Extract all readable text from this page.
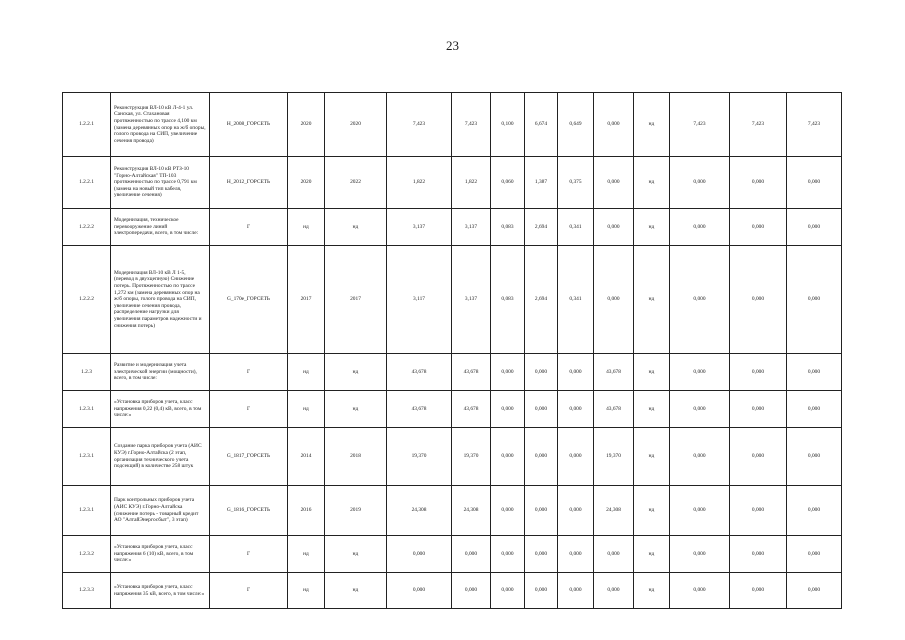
23
1.2.2.1	Реконструкция ВЛ-10 кВ Л-4-1 ул. Санская, ул. Стахановая протяженностью по трассе 4,100 км (замена деревянных опор на ж/б опоры, голого провода на СИП, увеличение сечения провода)	Н_2008_ГОРСЕТЬ	2020	2020	7,423	7,423	0,100	6,674	0,649	0,000	нд	7,423	7,423	7,423
1.2.2.1	Реконструкция ВЛ-10 кВ РТЗ-10 "Горно-Алтайская" ТП-103 протяженностью по трассе 0,791 км (замена на новый тип кабеля, увеличение сечения)	Н_2012_ГОРСЕТЬ	2020	2022	1,822	1,822	0,060	1,387	0,375	0,000	нд	0,000	0,000	0,000
1.2.2.2	Модернизация, техническое перевооружение линий электропередачи, всего, в том числе:	Г	нд	нд	3,137	3,137	0,083	2,694	0,341	0,000	нд	0,000	0,000	0,000
1.2.2.2	Модернизация ВЛ-10 кВ Л 1-5, (перевод в двухцепную) Снижение потерь. Протяженностью по трассе 1,272 км (замена деревянных опор на ж/б опоры, голого провода на СИП, увеличение сечения провода, распределение нагрузки для увеличения параметров надежности и снижения потерь)	G_170е_ГОРСЕТЬ	2017	2017	3,117	3,137	0,083	2,694	0,341	0,000	нд	0,000	0,000	0,000
1.2.3	Развитие и модернизация учета электрической энергии (мощности), всего, в том числе:	Г	нд	нд	43,678	43,678	0,000	0,000	0,000	43,678	нд	0,000	0,000	0,000
1.2.3.1	«Установка приборов учета, класс напряжения 0,22 (0,4) кВ, всего, в том числе:»	Г	нд	нд	43,678	43,678	0,000	0,000	0,000	43,678	нд	0,000	0,000	0,000
1.2.3.1	Создание парка приборов учета (АИС КУЭ) г.Горно-Алтайска (2 этап, организация технического учета подсекций) в количестве 258 штук	G_1817_ГОРСЕТЬ	2014	2018	19,370	19,370	0,000	0,000	0,000	19,370	нд	0,000	0,000	0,000
1.2.3.1	Парк контрольных приборов учета (АИС КУЭ) г.Горно-Алтайска (снижение потерь - товарный кредит АО "АлтайЭнергосбыт", 3 этап)	G_1816_ГОРСЕТЬ	2016	2019	24,308	24,308	0,000	0,000	0,000	24,308	нд	0,000	0,000	0,000
1.2.3.2	«Установка приборов учета, класс напряжения 6 (10) кВ, всего, в том числе:»	Г	нд	нд	0,000	0,000	0,000	0,000	0,000	0,000	нд	0,000	0,000	0,000
1.2.3.3	«Установка приборов учета, класс напряжения 35 кВ, всего, в том числе:»	Г	нд	нд	0,000	0,000	0,000	0,000	0,000	0,000	нд	0,000	0,000	0,000
